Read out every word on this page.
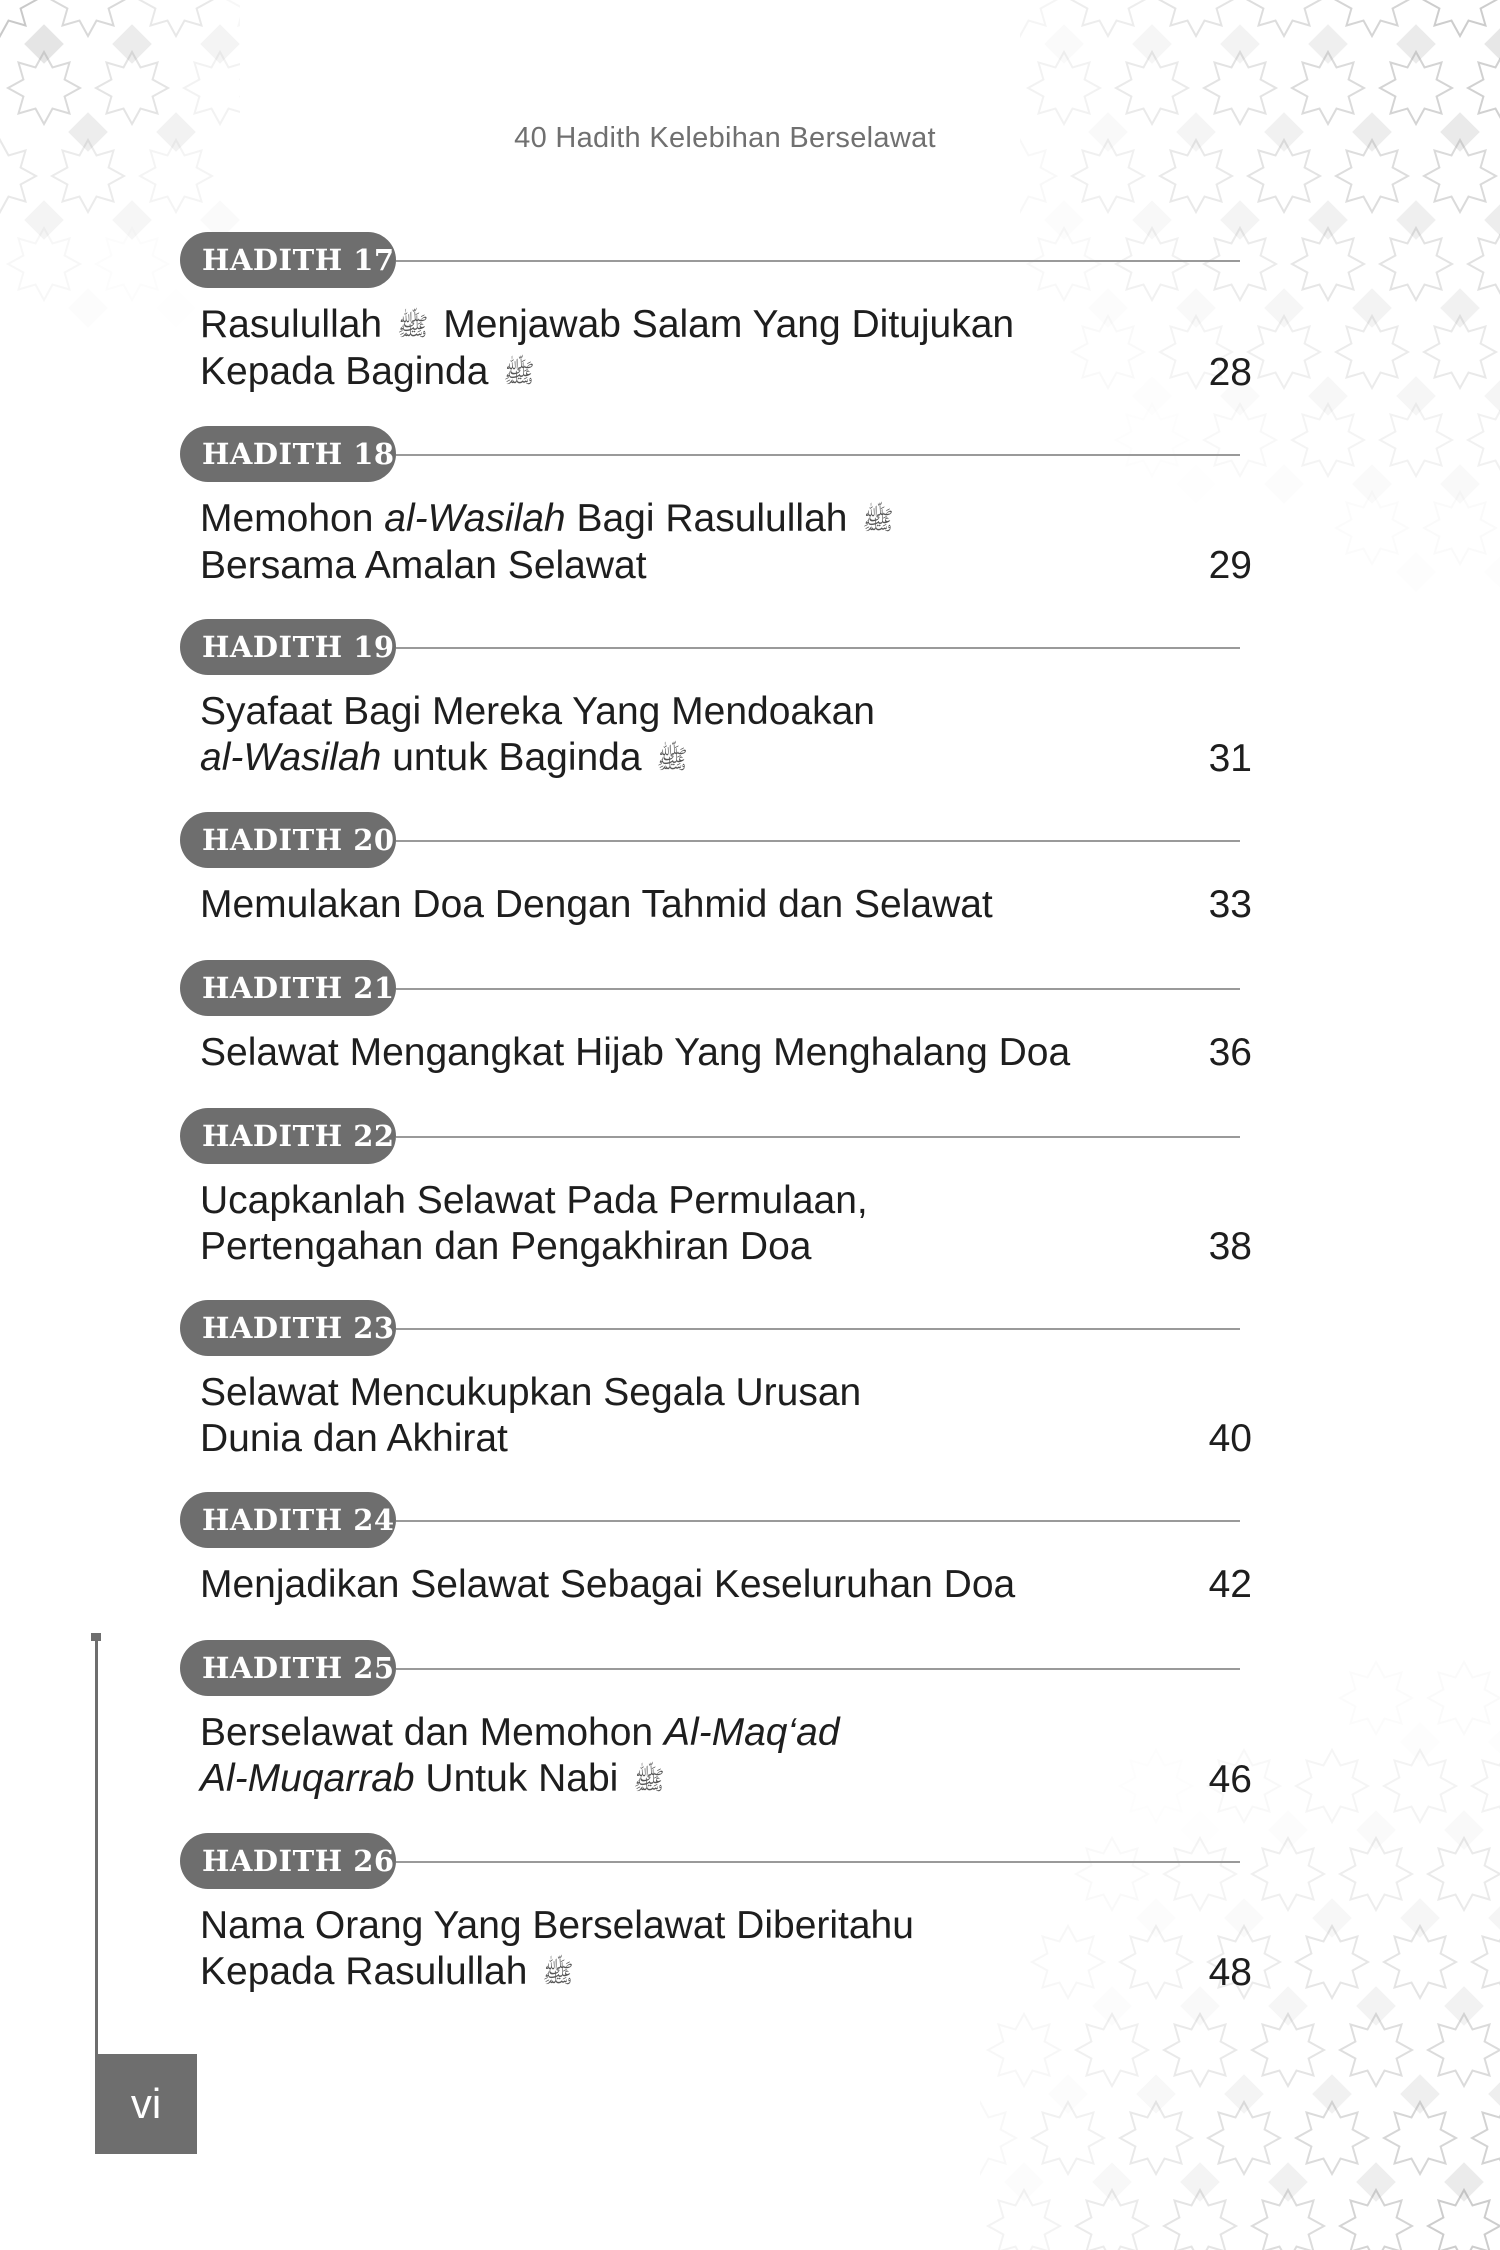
40 Hadith Kelebihan Berselawat
HADITH 17
Rasulullah ﷺ Menjawab Salam Yang Ditujukan
Kepada Baginda ﷺ	28
HADITH 18
Memohon al-Wasilah Bagi Rasulullah ﷺ
Bersama Amalan Selawat	29
HADITH 19
Syafaat Bagi Mereka Yang Mendoakan
al-Wasilah untuk Baginda ﷺ	31
HADITH 20
Memulakan Doa Dengan Tahmid dan Selawat	33
HADITH 21
Selawat Mengangkat Hijab Yang Menghalang Doa	36
HADITH 22
Ucapkanlah Selawat Pada Permulaan,
Pertengahan dan Pengakhiran Doa	38
HADITH 23
Selawat Mencukupkan Segala Urusan
Dunia dan Akhirat	40
HADITH 24
Menjadikan Selawat Sebagai Keseluruhan Doa	42
HADITH 25
Berselawat dan Memohon Al-Maq‘ad
Al-Muqarrab Untuk Nabi ﷺ	46
HADITH 26
Nama Orang Yang Berselawat Diberitahu
Kepada Rasulullah ﷺ	48
vi
